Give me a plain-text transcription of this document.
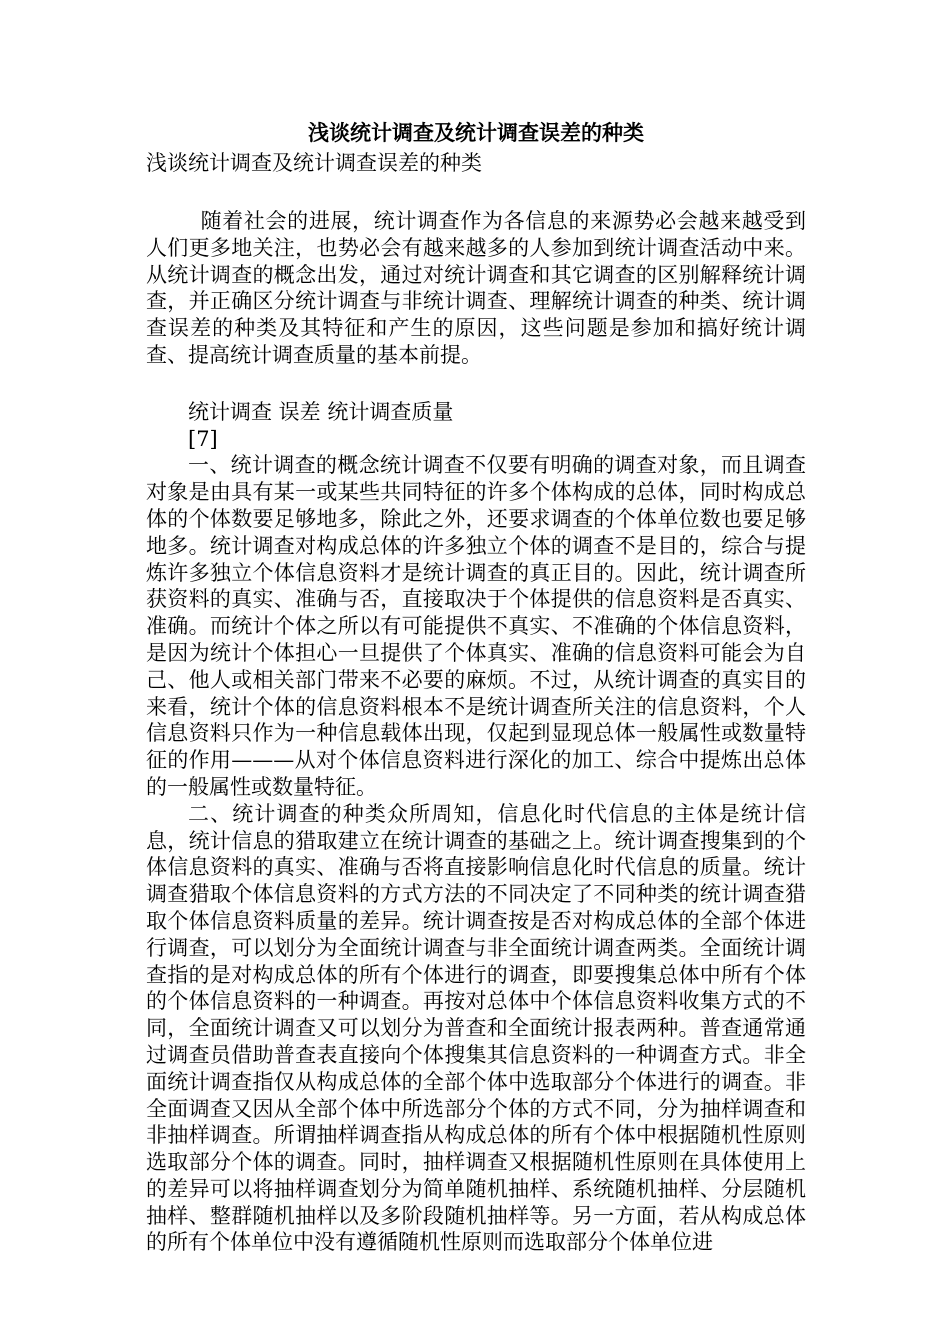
浅谈统计调查及统计调查误差的种类

浅谈统计调查及统计调查误差的种类

随着社会的进展，统计调查作为各信息的来源势必会越来越受到人们更多地关注，也势必会有越来越多的人参加到统计调查活动中来。从统计调查的概念出发，通过对统计调查和其它调查的区别解释统计调查，并正确区分统计调查与非统计调查、理解统计调查的种类、统计调查误差的种类及其特征和产生的原因，这些问题是参加和搞好统计调查、提高统计调查质量的基本前提。

统计调查 误差 统计调查质量

[7]

一、统计调查的概念统计调查不仅要有明确的调查对象，而且调查对象是由具有某一或某些共同特征的许多个体构成的总体，同时构成总体的个体数要足够地多，除此之外，还要求调查的个体单位数也要足够地多。统计调查对构成总体的许多独立个体的调查不是目的，综合与提炼许多独立个体信息资料才是统计调查的真正目的。因此，统计调查所获资料的真实、准确与否，直接取决于个体提供的信息资料是否真实、准确。而统计个体之所以有可能提供不真实、不准确的个体信息资料，是因为统计个体担心一旦提供了个体真实、准确的信息资料可能会为自己、他人或相关部门带来不必要的麻烦。不过，从统计调查的真实目的来看，统计个体的信息资料根本不是统计调查所关注的信息资料，个人信息资料只作为一种信息载体出现，仅起到显现总体一般属性或数量特征的作用———从对个体信息资料进行深化的加工、综合中提炼出总体的一般属性或数量特征。

二、统计调查的种类众所周知，信息化时代信息的主体是统计信息，统计信息的猎取建立在统计调查的基础之上。统计调查搜集到的个体信息资料的真实、准确与否将直接影响信息化时代信息的质量。统计调查猎取个体信息资料的方式方法的不同决定了不同种类的统计调查猎取个体信息资料质量的差异。统计调查按是否对构成总体的全部个体进行调查，可以划分为全面统计调查与非全面统计调查两类。全面统计调查指的是对构成总体的所有个体进行的调查，即要搜集总体中所有个体的个体信息资料的一种调查。再按对总体中个体信息资料收集方式的不同，全面统计调查又可以划分为普查和全面统计报表两种。普查通常通过调查员借助普查表直接向个体搜集其信息资料的一种调查方式。非全面统计调查指仅从构成总体的全部个体中选取部分个体进行的调查。非全面调查又因从全部个体中所选部分个体的方式不同，分为抽样调查和非抽样调查。所谓抽样调查指从构成总体的所有个体中根据随机性原则选取部分个体的调查。同时，抽样调查又根据随机性原则在具体使用上的差异可以将抽样调查划分为简单随机抽样、系统随机抽样、分层随机抽样、整群随机抽样以及多阶段随机抽样等。另一方面，若从构成总体的所有个体单位中没有遵循随机性原则而选取部分个体单位进
